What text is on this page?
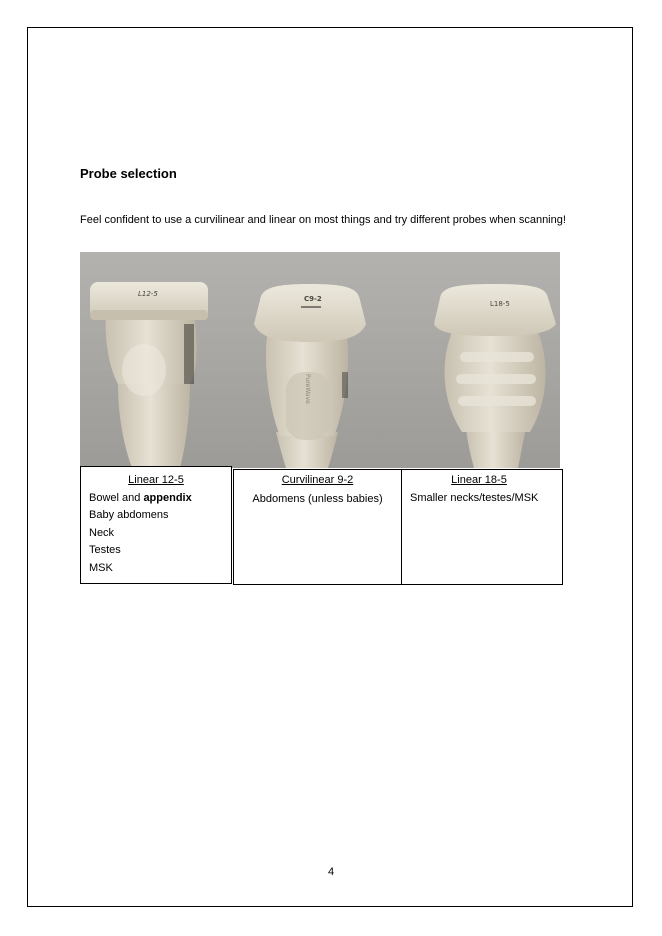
Probe selection

Feel confident to use a curvilinear and linear on most things and try different probes when scanning!

L12-5
C9-2
PureWave
L18-5
Linear 12-5
Bowel and appendix
Baby abdomens
Neck
Testes
MSK
Curvilinear 9-2
Abdomens (unless babies)
Linear 18-5
Smaller necks/testes/MSK
4
